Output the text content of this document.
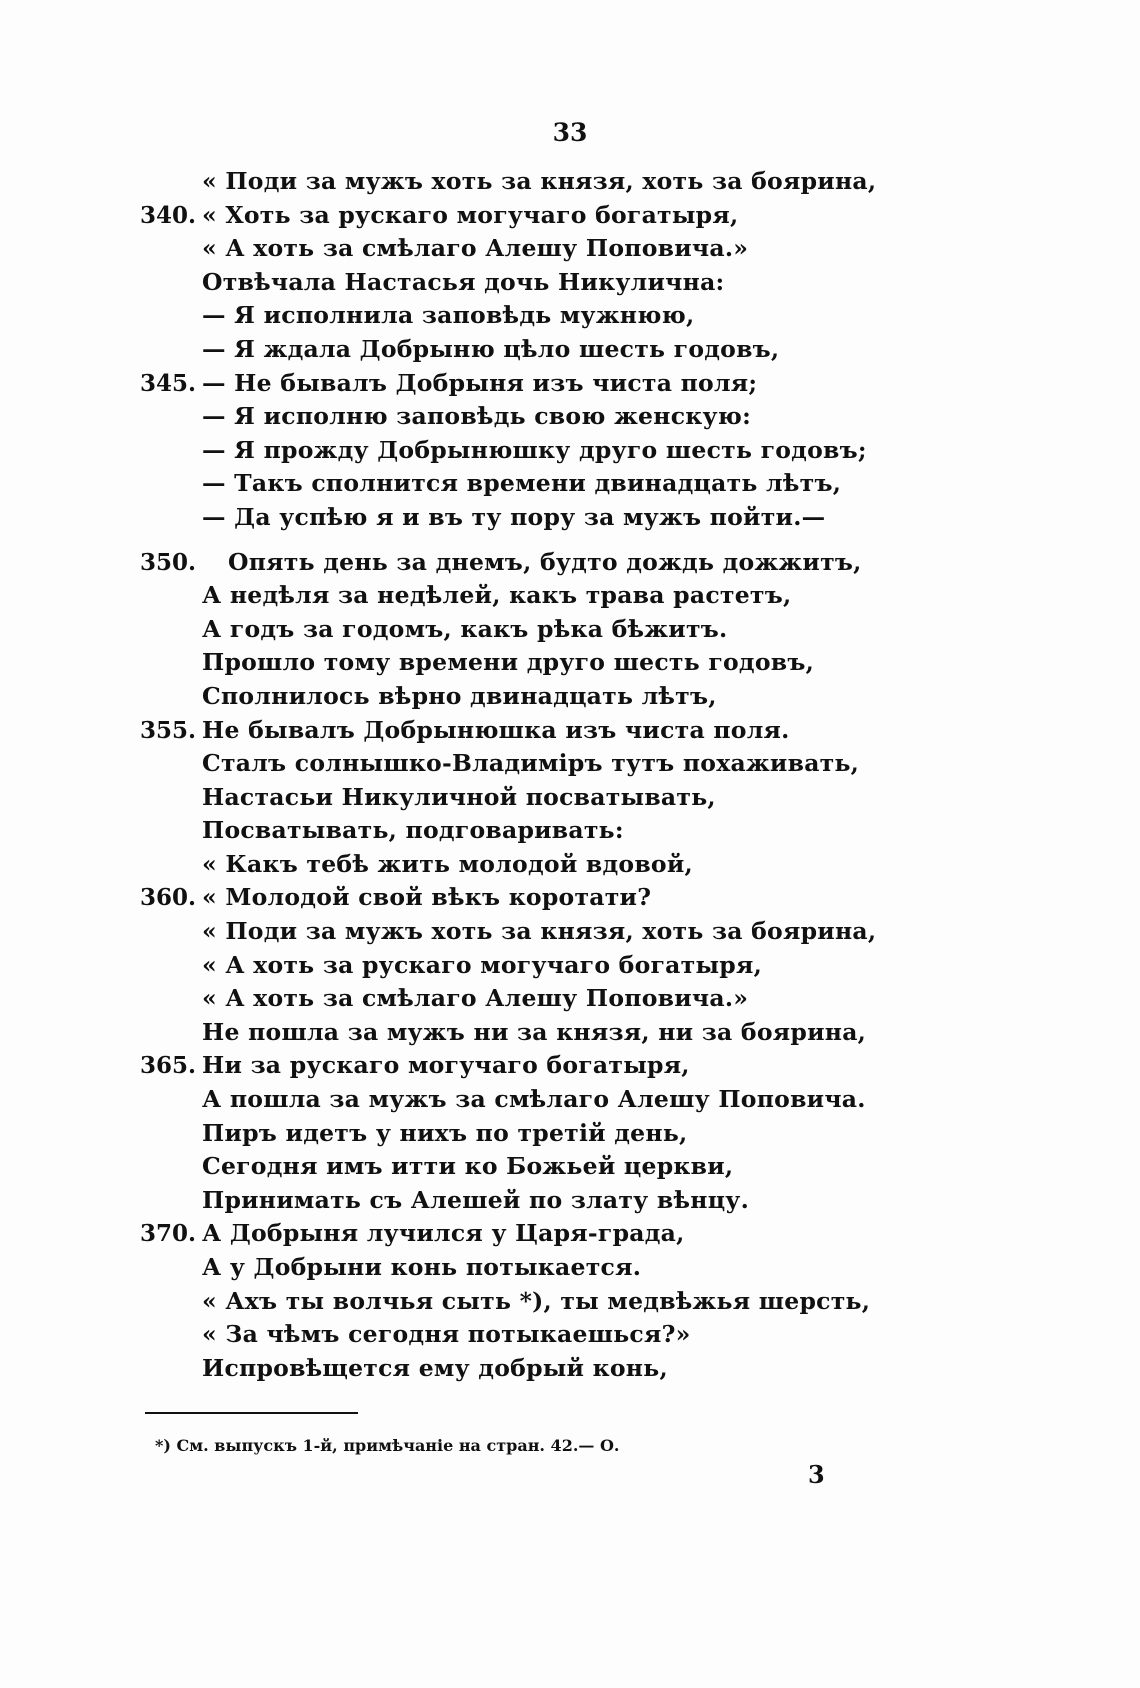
33
« Поди за мужъ хоть за князя, хоть за боярина,
340. « Хоть за рускаго могучаго богатыря,
« А хоть за смѣлаго Алешу Поповича.»
Отвѣчала Настасья дочь Никулична:
— Я исполнила заповѣдь мужнюю,
— Я ждала Добрыню цѣло шесть годовъ,
345. — Не бывалъ Добрыня изъ чиста поля;
— Я исполню заповѣдь свою женскую:
— Я прожду Добрынюшку друго шесть годовъ;
— Такъ сполнится времени двинадцать лѣтъ,
— Да успѣю я и въ ту пору за мужъ пойти.—
350. Опять день за днемъ, будто дождь дожжитъ,
А недѣля за недѣлей, какъ трава растетъ,
А годъ за годомъ, какъ рѣка бѣжитъ.
Прошло тому времени друго шесть годовъ,
Сполнилось вѣрно двинадцать лѣтъ,
355. Не бывалъ Добрынюшка изъ чиста поля.
Сталъ солнышко-Владиміръ тутъ похаживать,
Настасьи Никуличной посватывать,
Посватывать, подговаривать:
« Какъ тебѣ жить молодой вдовой,
360. « Молодой свой вѣкъ коротати?
« Поди за мужъ хоть за князя, хоть за боярина,
« А хоть за рускаго могучаго богатыря,
« А хоть за смѣлаго Алешу Поповича.»
Не пошла за мужъ ни за князя, ни за боярина,
365. Ни за рускаго могучаго богатыря,
А пошла за мужъ за смѣлаго Алешу Поповича.
Пиръ идетъ у нихъ по третій день,
Сегодня имъ итти ко Божьей церкви,
Принимать съ Алешей по злату вѣнцу.
370. А Добрыня лучился у Царя-града,
А у Добрыни конь потыкается.
« Ахъ ты волчья сыть *), ты медвѣжья шерсть,
« За чѣмъ сегодня потыкаешься?»
Испровѣщется ему добрый конь,
*) См. выпускъ 1-й, примѣчаніе на стран. 42.— О.
3
